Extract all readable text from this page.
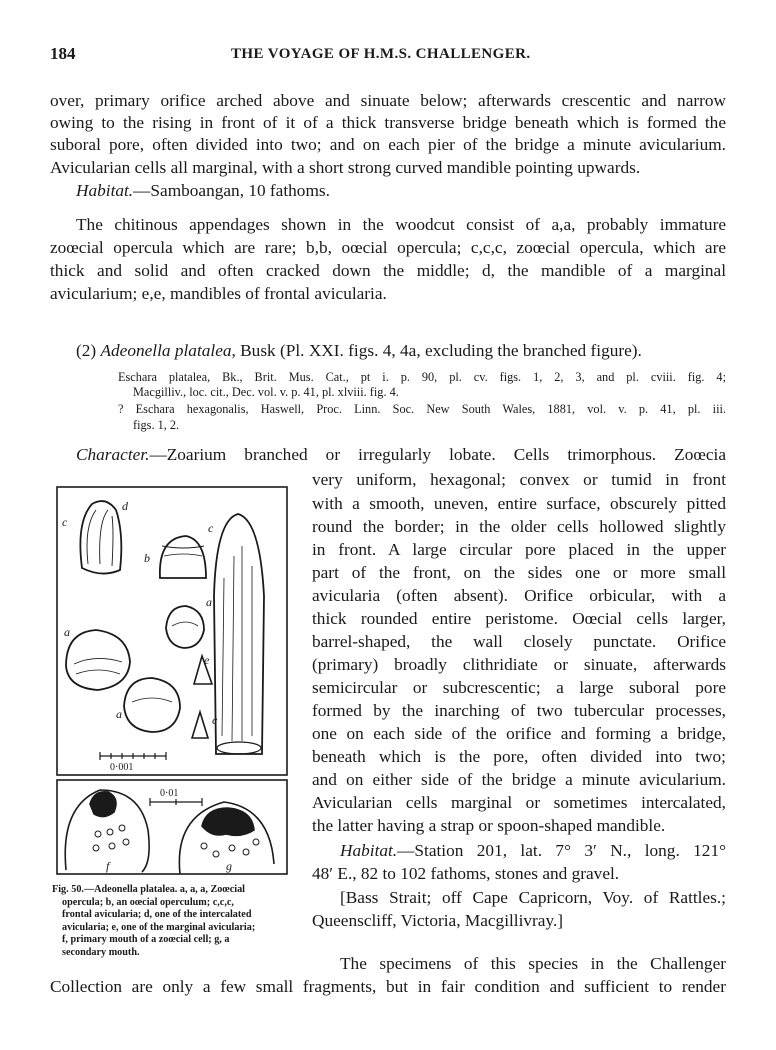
184	THE VOYAGE OF H.M.S. CHALLENGER.
over, primary orifice arched above and sinuate below; afterwards crescentic and narrow
owing to the rising in front of it of a thick transverse bridge beneath which is formed the
suboral pore, often divided into two; and on each pier of the bridge a minute avicularium.
Avicularian cells all marginal, with a short strong curved mandible pointing upwards.
Habitat.—Samboangan, 10 fathoms.
The chitinous appendages shown in the woodcut consist of a,a, probably immature
zoœcial opercula which are rare; b,b, oœcial opercula; c,c,c, zoœcial opercula, which are
thick and solid and often cracked down the middle; d, the mandible of a marginal
avicularium; e,e, mandibles of frontal avicularia.
(2) Adeonella platalea, Busk (Pl. XXI. figs. 4, 4a, excluding the branched figure).
Eschara platalea, Bk., Brit. Mus. Cat., pt i. p. 90, pl. cv. figs. 1, 2, 3, and pl. cviii. fig. 4;
Macgilliv., loc. cit., Dec. vol. v. p. 41, pl. xlviii. fig. 4.
? Eschara hexagonalis, Haswell, Proc. Linn. Soc. New South Wales, 1881, vol. v. p. 41, pl. iii.
figs. 1, 2.
Character.—Zoarium branched or irregularly lobate. Cells trimorphous. Zoœcia
very uniform, hexagonal; convex or tumid in front
with a smooth, uneven, entire surface, obscurely pitted
round the border; in the older cells hollowed slightly
in front. A large circular pore placed in the upper
part of the front, on the sides one or more small
avicularia (often absent). Orifice orbicular, with a
thick rounded entire peristome. Oœcial cells larger,
barrel-shaped, the wall closely punctate. Orifice
(primary) broadly clithridiate or sinuate, afterwards
semicircular or subcrescentic; a large suboral pore
formed by the inarching of two tubercular processes,
one on each side of the orifice and forming a bridge,
beneath which is the pore, often divided into two;
and on either side of the bridge a minute avicularium.
Avicularian cells marginal or sometimes intercalated,
the latter having a strap or spoon-shaped mandible.
Habitat.—Station 201, lat. 7° 3′ N., long. 121°
48′ E., 82 to 102 fathoms, stones and gravel.
[Bass Strait; off Cape Capricorn, Voy. of Rattles.;
Queenscliff, Victoria, Macgillivray.]
The specimens of this species in the Challenger
Collection are only a few small fragments, but in fair condition and sufficient to render
c
d
b
c
a
a
e
a	c
f	g
0·001
0·01
Fig. 50.—Adeonella platalea. a, a, a, Zoœcial
opercula; b, an oœcial operculum; c,c,c,
frontal avicularia; d, one of the intercalated
avicularia; e, one of the marginal avicularia;
f, primary mouth of a zoœcial cell; g, a
secondary mouth.
